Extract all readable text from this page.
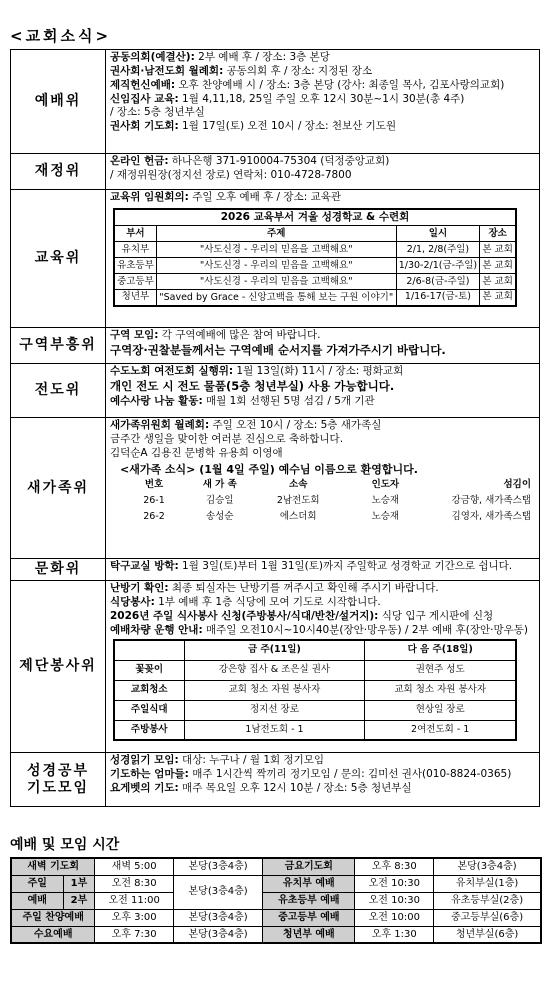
<교회소식>
예배위	
공동의회(예결산): 2부 예배 후 / 장소: 3층 본당
권사회·남전도회 월례회: 공동의회 후 / 장소: 지정된 장소
제직헌신예배: 오후 찬양예배 시 / 장소: 3층 본당 (강사: 최종일 목사, 김포사랑의교회)
신임집사 교육: 1월 4,11,18, 25일 주일 오후 12시 30분~1시 30분(총 4주)
/ 장소: 5층 청년부실
권사회 기도회: 1월 17일(토) 오전 10시 / 장소: 천보산 기도원

재정위	
온라인 헌금: 하나은행 371-910004-75304 (덕정중앙교회)
/ 재정위원장(정지선 장로) 연락처: 010-4728-7800

교육위	
교육위 임원회의: 주일 오후 예배 후 / 장소: 교육관
2026 교육부서 겨울 성경학교 & 수련회
부서	주제	일시	장소
유치부	"사도신경 - 우리의 믿음을 고백해요"	2/1, 2/8(주일)	본 교회
유초등부	"사도신경 - 우리의 믿음을 고백해요"	1/30-2/1(금-주일)	본 교회
중고등부	"사도신경 - 우리의 믿음을 고백해요"	2/6-8(금-주일)	본 교회
청년부	"Saved by Grace - 신앙고백을 통해 보는 구원 이야기"	1/16-17(금-토)	본 교회

구역부흥위	
구역 모임: 각 구역예배에 많은 참여 바랍니다.
구역장·권찰분들께서는 구역예배 순서지를 가져가주시기 바랍니다.

전도위	
수도노회 여전도회 실행위: 1월 13일(화) 11시 / 장소: 평화교회
개인 전도 시 전도 물품(5층 청년부실) 사용 가능합니다.
예수사랑 나눔 활동: 매월 1회 선행된 5명 섬김 / 5개 기관

새가족위	
새가족위원회 월례회: 주일 오전 10시 / 장소: 5층 새가족실
금주간 생일을 맞이한 여러분 진심으로 축하합니다.
김덕순A 김용진 문병학 유용희 이영애
<새가족 소식> (1월 4일 주일) 예수님 이름으로 환영합니다.
번호	새 가 족	소속	인도자	섬김이
26-1	김승일	2남전도회	노승재	강금향, 새가족스탭
26-2	송성순	에스더회	노승재	김영자, 새가족스탭

문화위	탁구교실 방학: 1월 3일(토)부터 1월 31일(토)까지 주일학교 성경학교 기간으로 쉽니다.

제단봉사위	
난방기 확인: 최종 퇴실자는 난방기를 꺼주시고 확인해 주시기 바랍니다.
식당봉사: 1부 예배 후 1층 식당에 모여 기도로 시작합니다.
2026년 주일 식사봉사 신청(주방봉사/식대/반찬/설거지): 식당 입구 게시판에 신청
예배차량 운행 안내: 매주일 오전10시~10시40분(장안·망우동) / 2부 예배 후(장안·망우동)
	금 주(11일)	다 음 주(18일)
꽃꽂이	강은향 집사 & 조은실 권사	권현주 성도
교회청소	교회 청소 자원 봉사자	교회 청소 자원 봉사자
주일식대	정지선 장로	현상일 장로
주방봉사	1남전도회 - 1	2여전도회 - 1

성경공부
기도모임	
성경읽기 모임: 대상: 누구나 / 월 1회 정기모임
기도하는 엄마들: 매주 1시간씩 짝끼리 정기모임 / 문의: 김미선 권사(010-8824-0365)
요게벳의 기도: 매주 목요일 오후 12시 10분 / 장소: 5층 청년부실
예배 및 모임 시간
새벽 기도회		새벽 5:00	본당(3층4층)	금요기도회	오후 8:30	본당(3층4층)
주일	1부	오전 8:30	본당(3층4층)	유치부 예배	오전 10:30	유치부실(1층)
예배	2부	오전 11:00		유초등부 예배	오전 10:30	유초등부실(2층)
주일 찬양예배		오후 3:00	본당(3층4층)	중고등부 예배	오전 10:00	중고등부실(6층)
수요예배		오후 7:30	본당(3층4층)	청년부 예배	오후 1:30	청년부실(6층)
